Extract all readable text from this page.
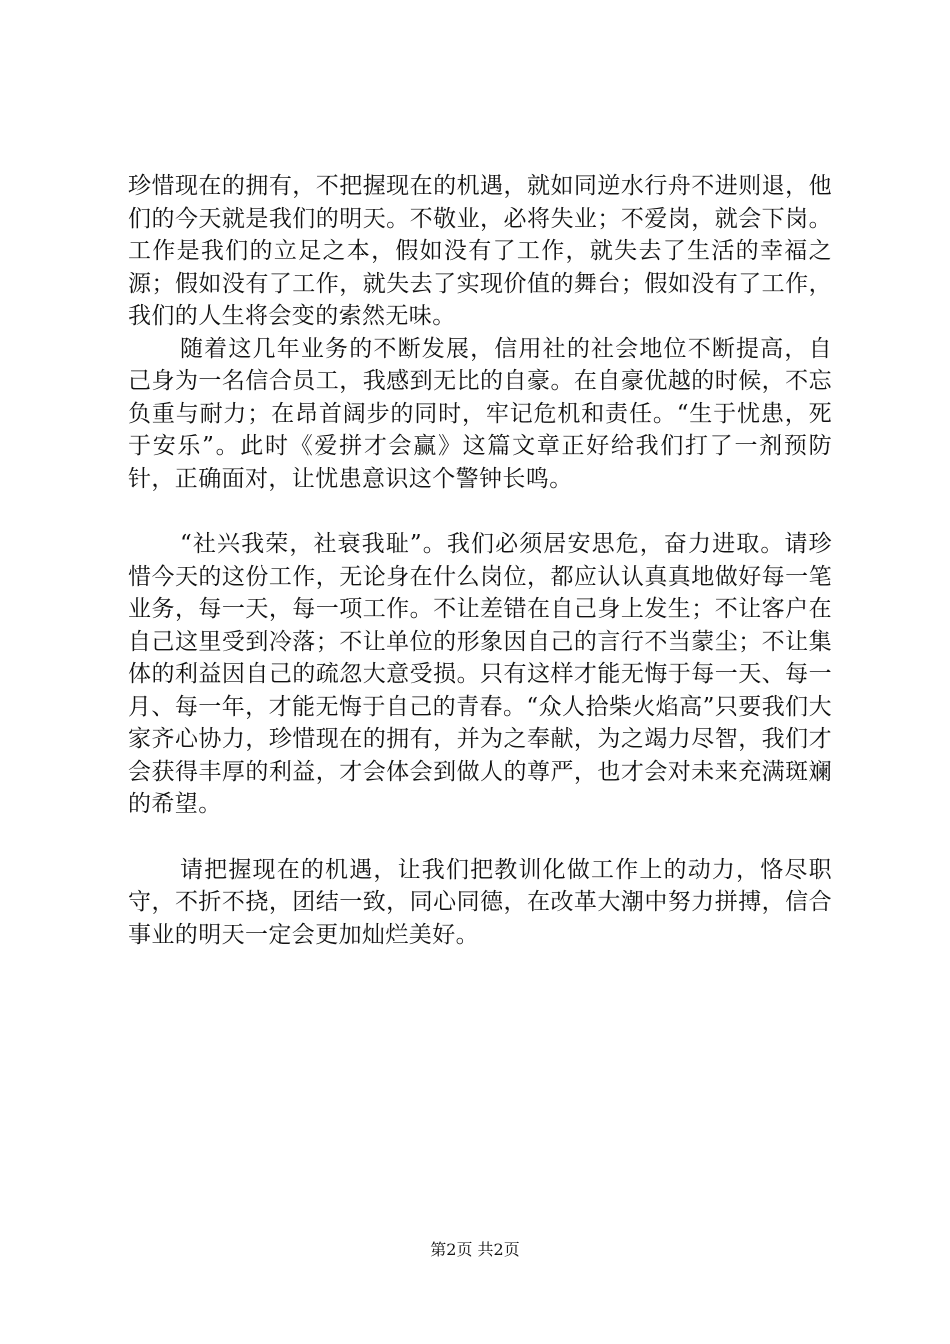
珍惜现在的拥有，不把握现在的机遇，就如同逆水行舟不进则退，他们的今天就是我们的明天。不敬业，必将失业；不爱岗，就会下岗。工作是我们的立足之本，假如没有了工作，就失去了生活的幸福之源；假如没有了工作，就失去了实现价值的舞台；假如没有了工作，我们的人生将会变的索然无味。

随着这几年业务的不断发展，信用社的社会地位不断提高，自己身为一名信合员工，我感到无比的自豪。在自豪优越的时候，不忘负重与耐力；在昂首阔步的同时，牢记危机和责任。“生于忧患，死于安乐”。此时《爱拼才会赢》这篇文章正好给我们打了一剂预防针，正确面对，让忧患意识这个警钟长鸣。

“社兴我荣，社衰我耻”。我们必须居安思危，奋力进取。请珍惜今天的这份工作，无论身在什么岗位，都应认认真真地做好每一笔业务，每一天，每一项工作。不让差错在自己身上发生；不让客户在自己这里受到冷落；不让单位的形象因自己的言行不当蒙尘；不让集体的利益因自己的疏忽大意受损。只有这样才能无悔于每一天、每一月、每一年，才能无悔于自己的青春。“众人拾柴火焰高”只要我们大家齐心协力，珍惜现在的拥有，并为之奉献，为之竭力尽智，我们才会获得丰厚的利益，才会体会到做人的尊严，也才会对未来充满斑斓的希望。

请把握现在的机遇，让我们把教训化做工作上的动力，恪尽职守，不折不挠，团结一致，同心同德，在改革大潮中努力拼搏，信合事业的明天一定会更加灿烂美好。

第2页 共2页
